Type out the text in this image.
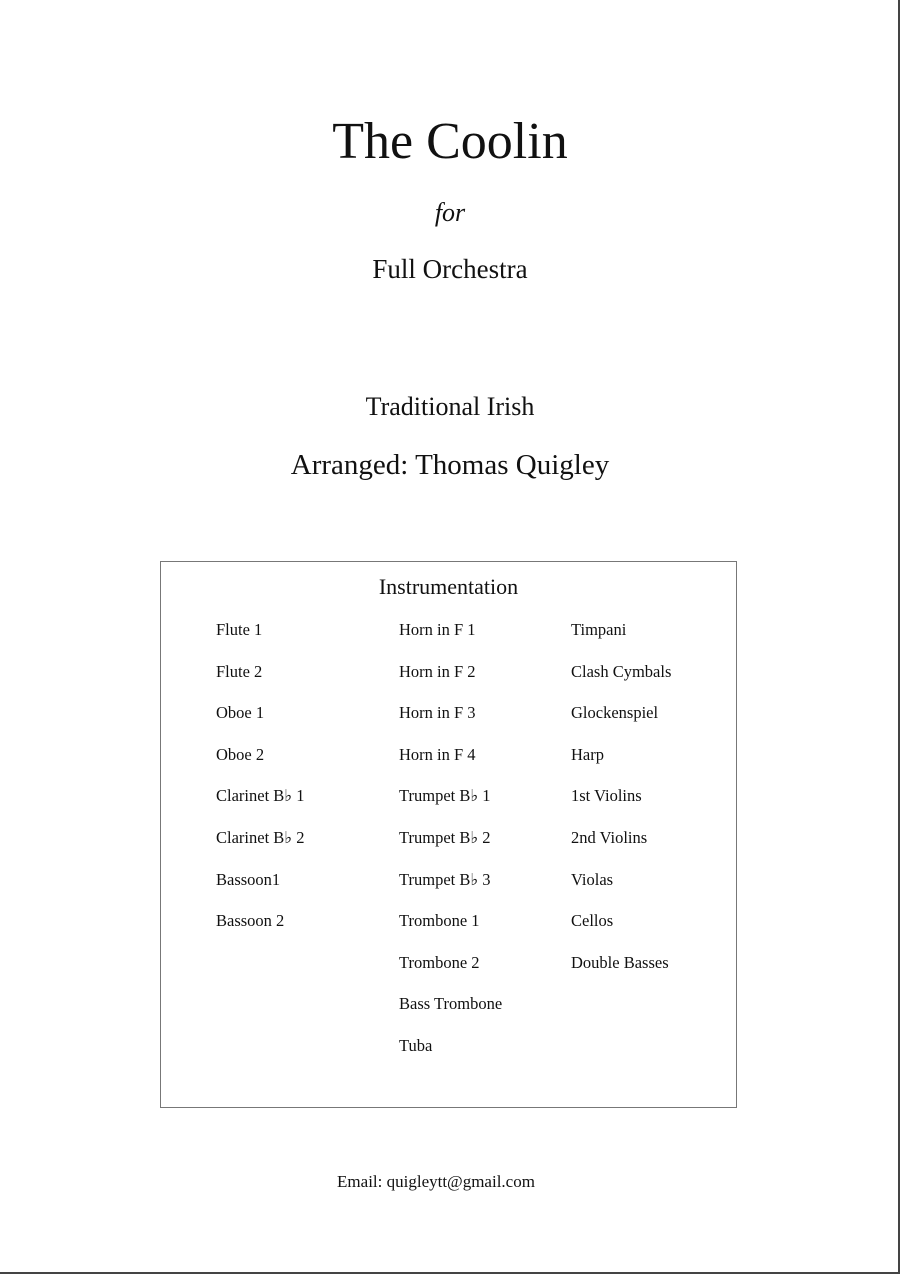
The Coolin
for
Full Orchestra
Traditional Irish
Arranged: Thomas Quigley
Instrumentation
Flute 1
Flute 2
Oboe 1
Oboe 2
Clarinet B♭ 1
Clarinet B♭ 2
Bassoon1
Bassoon 2
Horn in F 1
Horn in F 2
Horn in F 3
Horn in F 4
Trumpet B♭ 1
Trumpet B♭ 2
Trumpet B♭ 3
Trombone 1
Trombone 2
Bass Trombone
Tuba
Timpani
Clash Cymbals
Glockenspiel
Harp
1st Violins
2nd Violins
Violas
Cellos
Double Basses
Email: quigleytt@gmail.com
